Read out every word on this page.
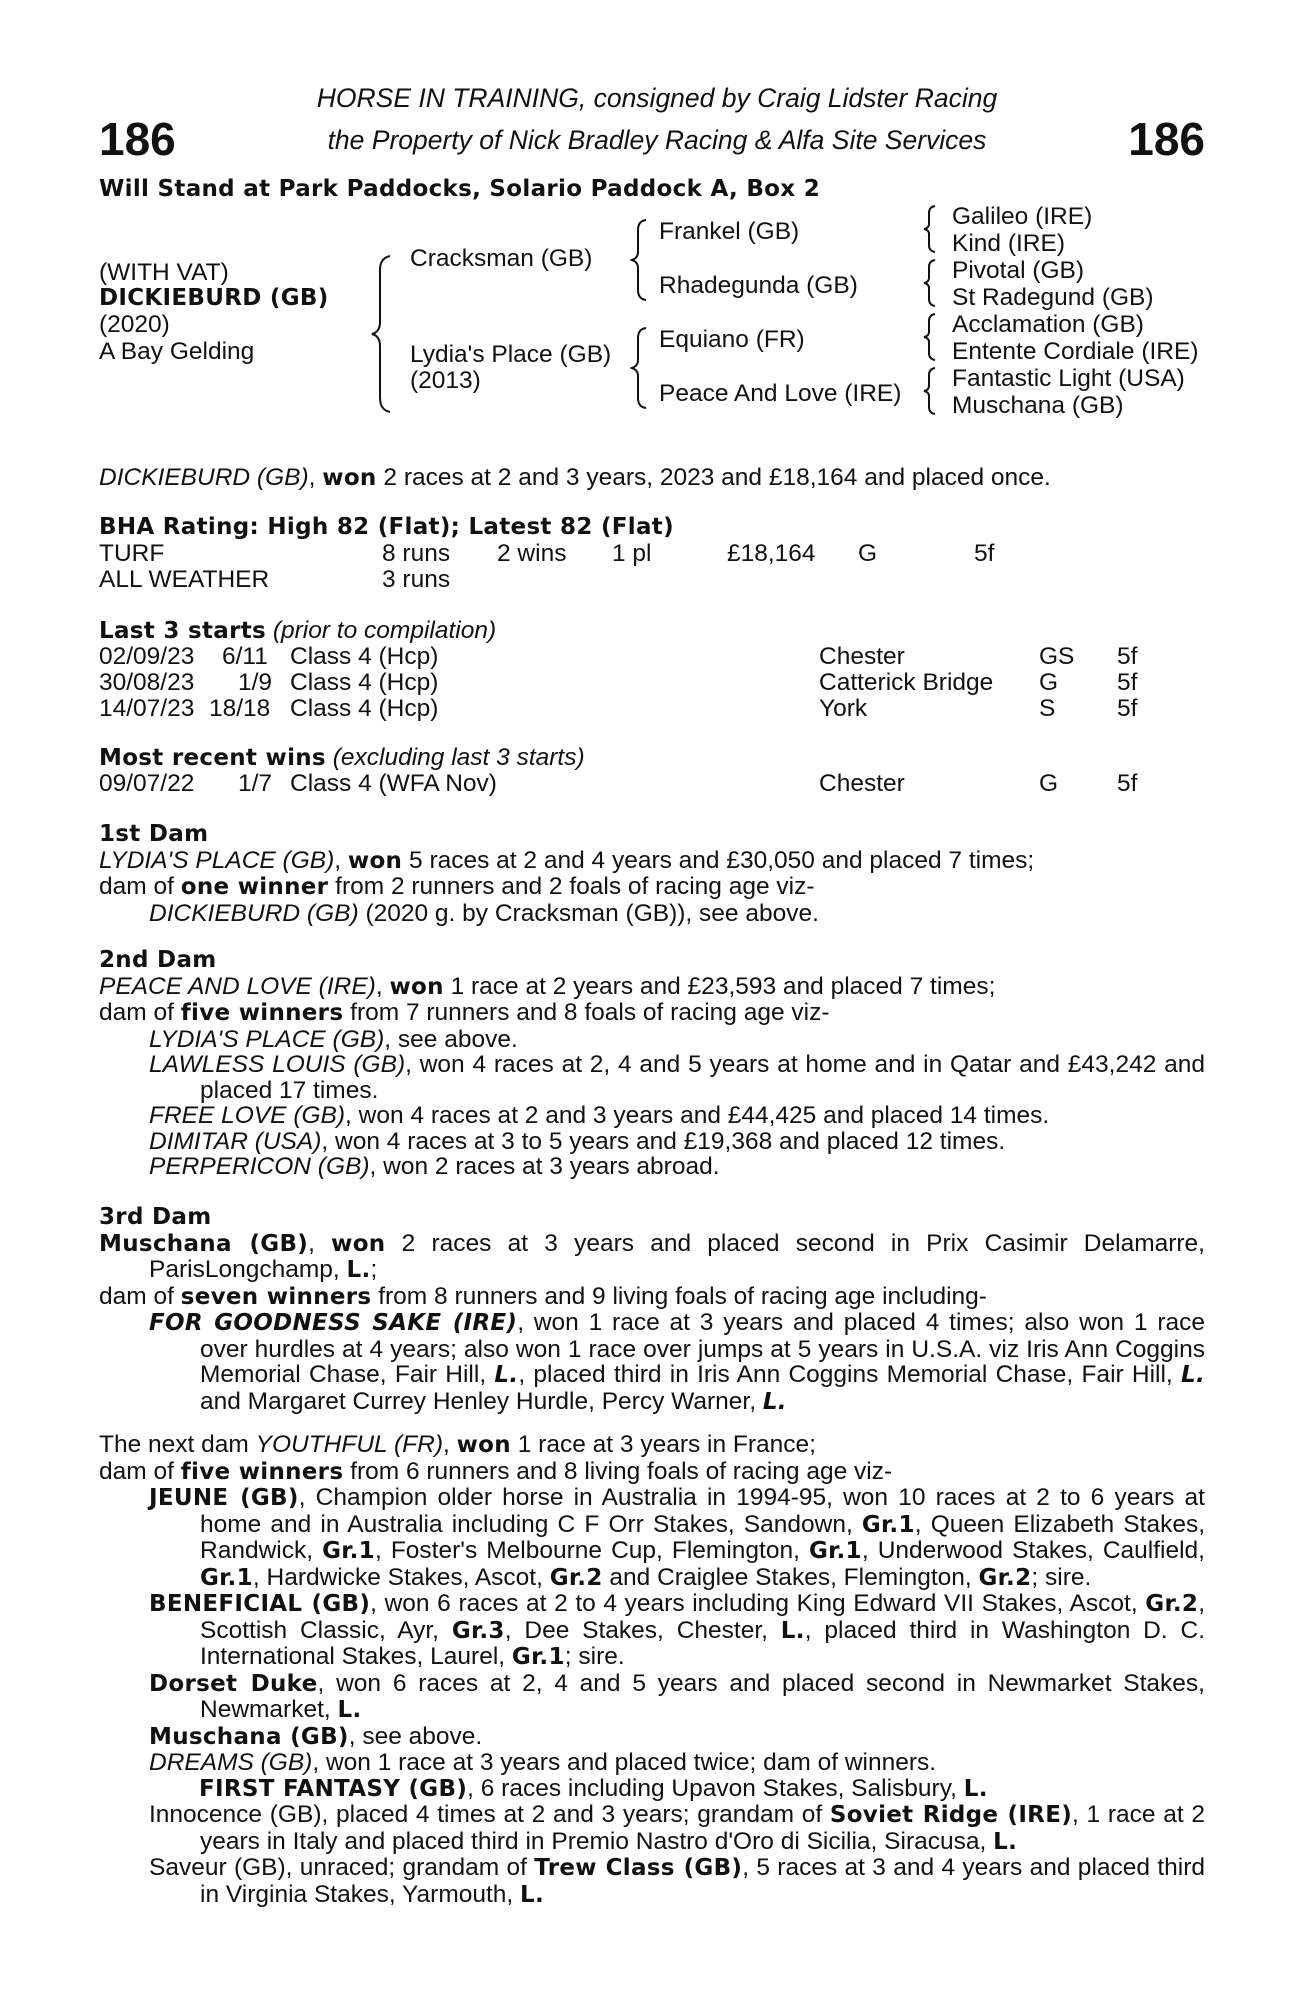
186	186
HORSE IN TRAINING, consigned by Craig Lidster Racing
the Property of Nick Bradley Racing & Alfa Site Services
Will Stand at Park Paddocks, Solario Paddock A, Box 2
(WITH VAT)
DICKIEBURD (GB)
(2020)
A Bay Gelding
Cracksman (GB)
Lydia's Place (GB)
(2013)
Frankel (GB)
Rhadegunda (GB)
Equiano (FR)
Peace And Love (IRE)
Galileo (IRE)
Kind (IRE)
Pivotal (GB)
St Radegund (GB)
Acclamation (GB)
Entente Cordiale (IRE)
Fantastic Light (USA)
Muschana (GB)
DICKIEBURD (GB), won 2 races at 2 and 3 years, 2023 and £18,164 and placed once.
BHA Rating: High 82 (Flat); Latest 82 (Flat)
TURF	8 runs 2 wins 1 pl	£18,164 G	5f
ALL WEATHER	3 runs
Last 3 starts (prior to compilation)
02/09/23 6/11 Class 4 (Hcp)	Chester	GS 5f
30/08/23 1/9 Class 4 (Hcp)	Catterick Bridge G 5f
14/07/23 18/18 Class 4 (Hcp)	York	S	5f
Most recent wins (excluding last 3 starts)
09/07/22 1/7 Class 4 (WFA Nov)	Chester	G 5f

1st Dam

LYDIA'S PLACE (GB), won 5 races at 2 and 4 years and £30,050 and placed 7 times;

dam of one winner from 2 runners and 2 foals of racing age viz-

DICKIEBURD (GB) (2020 g. by Cracksman (GB)), see above.

2nd Dam

PEACE AND LOVE (IRE), won 1 race at 2 years and £23,593 and placed 7 times;

dam of five winners from 7 runners and 8 foals of racing age viz-

LYDIA'S PLACE (GB), see above.

LAWLESS LOUIS (GB), won 4 races at 2, 4 and 5 years at home and in Qatar and £43,242 and placed 17 times.

FREE LOVE (GB), won 4 races at 2 and 3 years and £44,425 and placed 14 times.

DIMITAR (USA), won 4 races at 3 to 5 years and £19,368 and placed 12 times.

PERPERICON (GB), won 2 races at 3 years abroad.

3rd Dam

Muschana (GB), won 2 races at 3 years and placed second in Prix Casimir Delamarre, ParisLongchamp, L.;

dam of seven winners from 8 runners and 9 living foals of racing age including-

FOR GOODNESS SAKE (IRE), won 1 race at 3 years and placed 4 times; also won 1 race over hurdles at 4 years; also won 1 race over jumps at 5 years in U.S.A. viz Iris Ann Coggins Memorial Chase, Fair Hill, L., placed third in Iris Ann Coggins Memorial Chase, Fair Hill, L. and Margaret Currey Henley Hurdle, Percy Warner, L.

The next dam YOUTHFUL (FR), won 1 race at 3 years in France;

dam of five winners from 6 runners and 8 living foals of racing age viz-

JEUNE (GB), Champion older horse in Australia in 1994-95, won 10 races at 2 to 6 years at home and in Australia including C F Orr Stakes, Sandown, Gr.1, Queen Elizabeth Stakes, Randwick, Gr.1, Foster's Melbourne Cup, Flemington, Gr.1, Underwood Stakes, Caulfield, Gr.1, Hardwicke Stakes, Ascot, Gr.2 and Craiglee Stakes, Flemington, Gr.2; sire.

BENEFICIAL (GB), won 6 races at 2 to 4 years including King Edward VII Stakes, Ascot, Gr.2, Scottish Classic, Ayr, Gr.3, Dee Stakes, Chester, L., placed third in Washington D. C. International Stakes, Laurel, Gr.1; sire.

Dorset Duke, won 6 races at 2, 4 and 5 years and placed second in Newmarket Stakes, Newmarket, L.

Muschana (GB), see above.

DREAMS (GB), won 1 race at 3 years and placed twice; dam of winners.

FIRST FANTASY (GB), 6 races including Upavon Stakes, Salisbury, L.

Innocence (GB), placed 4 times at 2 and 3 years; grandam of Soviet Ridge (IRE), 1 race at 2 years in Italy and placed third in Premio Nastro d'Oro di Sicilia, Siracusa, L.

Saveur (GB), unraced; grandam of Trew Class (GB), 5 races at 3 and 4 years and placed third in Virginia Stakes, Yarmouth, L.
